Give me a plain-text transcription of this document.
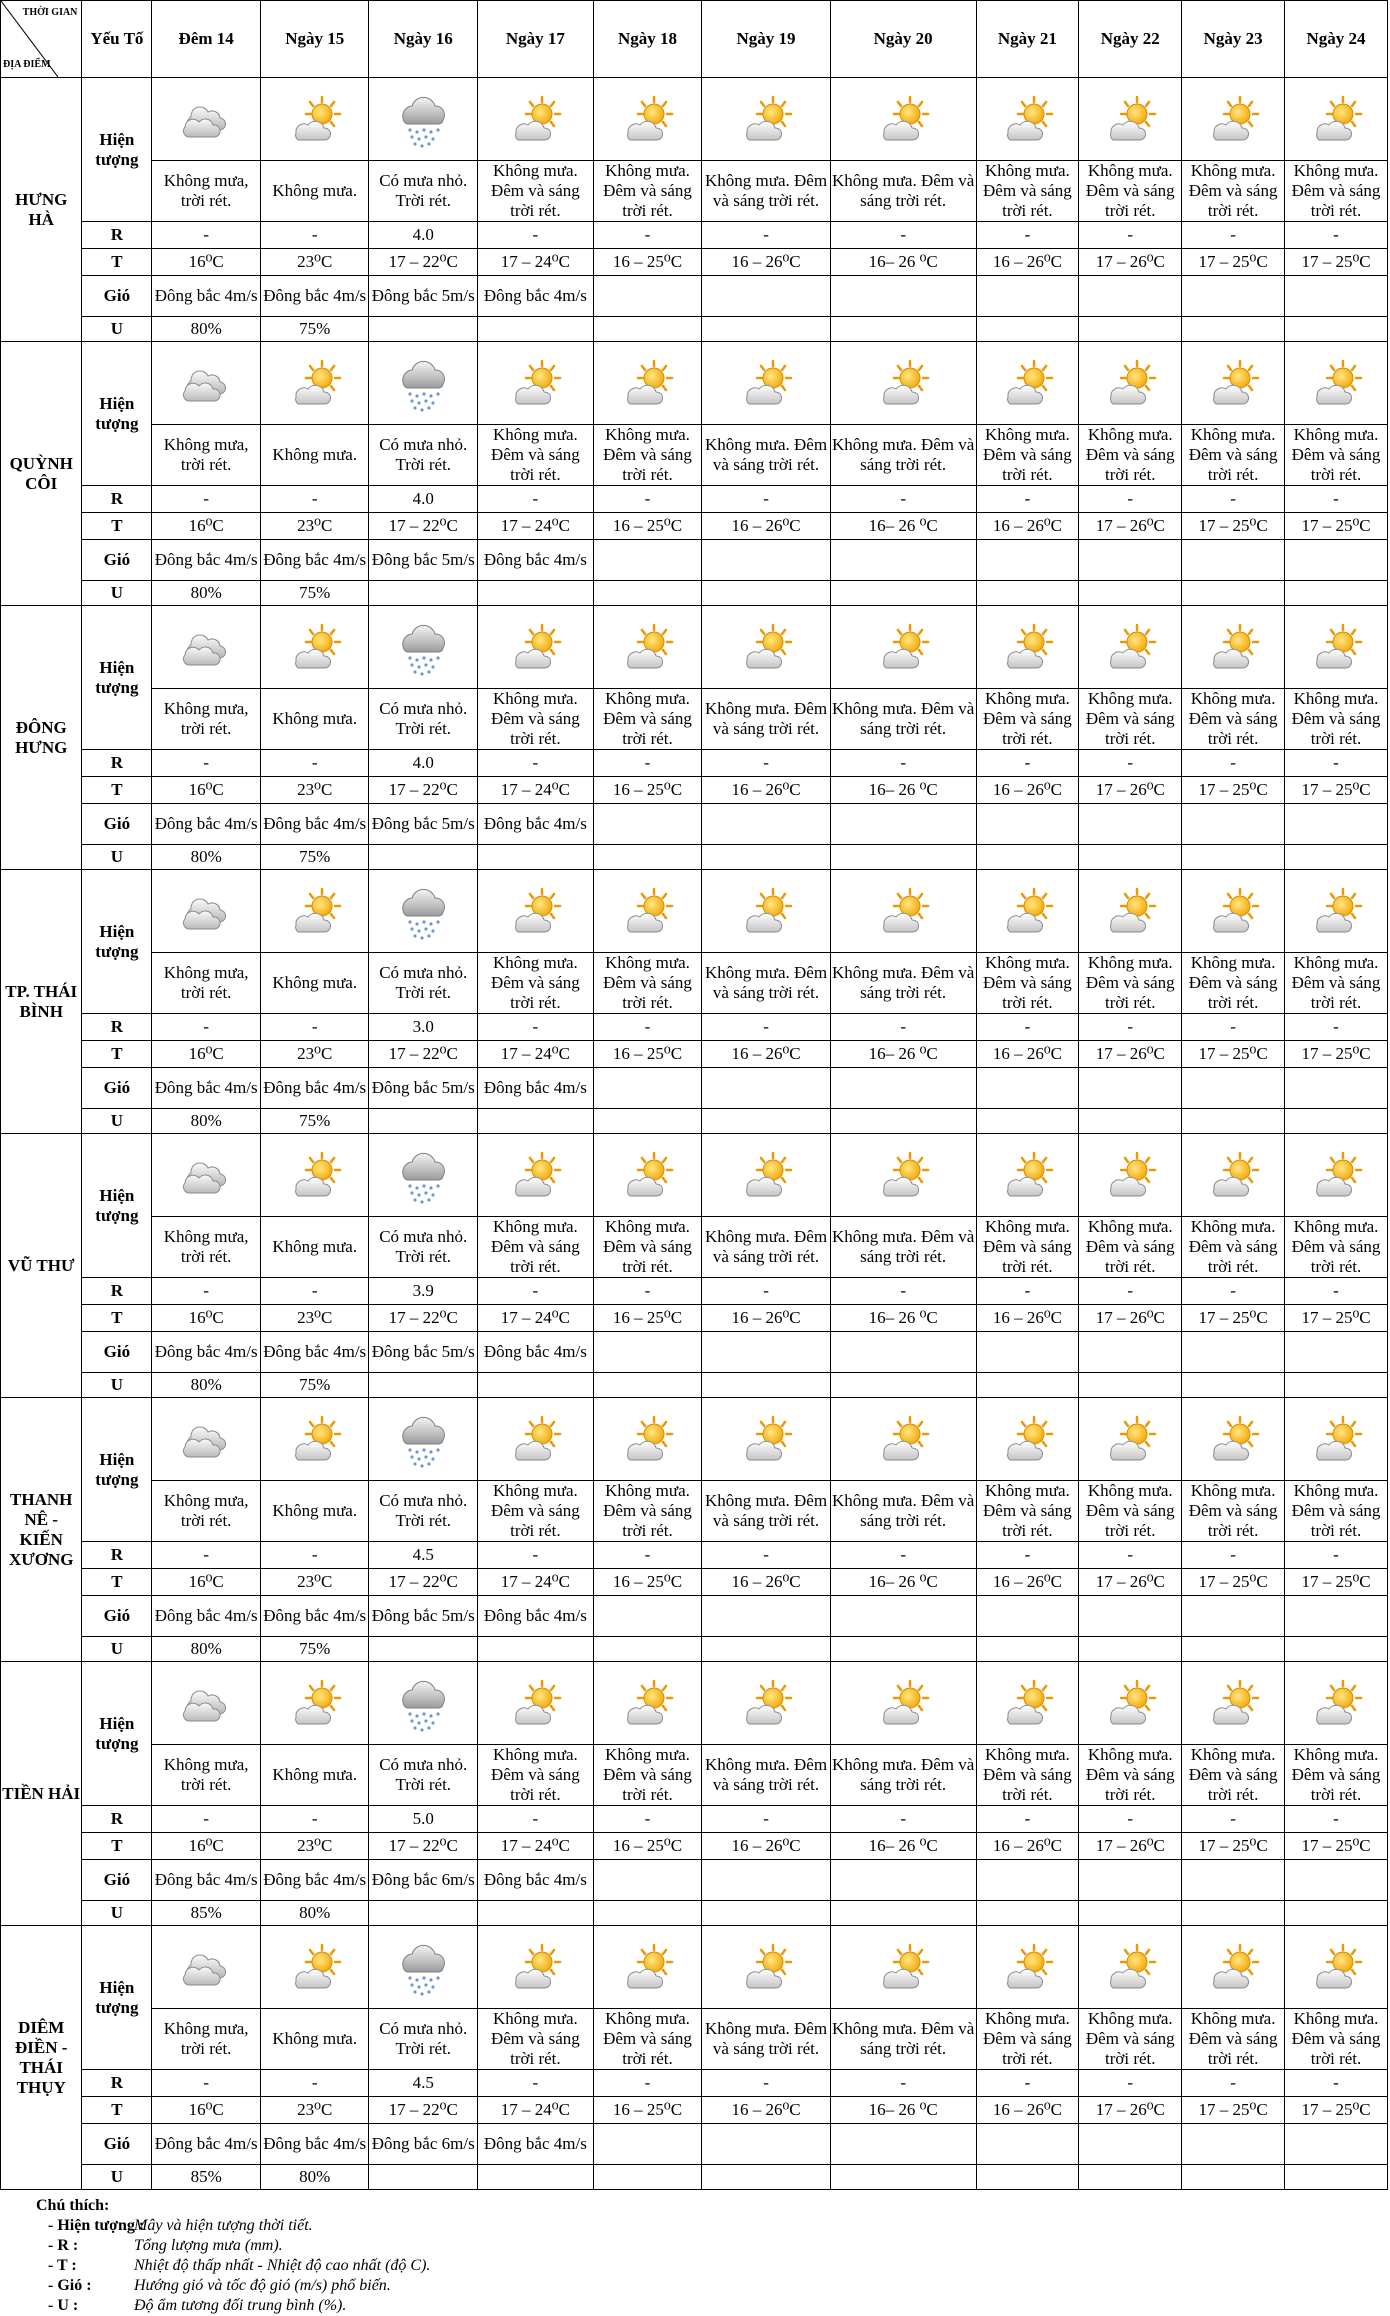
THỜI GIAN
ĐỊA ĐIỂM	Yếu Tố	Đêm 14	Ngày 15	Ngày 16	Ngày 17	Ngày 18	Ngày 19	Ngày 20	Ngày 21	Ngày 22	Ngày 23	Ngày 24
HƯNG HÀ	Hiện tượng	

		Không mưa, trời rét.	Không mưa.	Có mưa nhỏ. Trời rét.	Không mưa. Đêm và sáng trời rét.	Không mưa. Đêm và sáng trời rét.	Không mưa. Đêm và sáng trời rét.	Không mưa. Đêm và sáng trời rét.	Không mưa. Đêm và sáng trời rét.	Không mưa. Đêm và sáng trời rét.	Không mưa. Đêm và sáng trời rét.	Không mưa. Đêm và sáng trời rét.
	R	-	-	4.0	-	-	-	-	-	-	-	-
	T	16⁰C	23⁰C	17 – 22⁰C	17 – 24⁰C	16 – 25⁰C	16 – 26⁰C	16– 26 ⁰C	16 – 26⁰C	17 – 26⁰C	17 – 25⁰C	17 – 25⁰C
	Gió	Đông bắc 4m/s	Đông bắc 4m/s	Đông bắc 5m/s	Đông bắc 4m/s							
	U	80%	75%									
QUỲNH CÔI	Hiện tượng	

		Không mưa, trời rét.	Không mưa.	Có mưa nhỏ. Trời rét.	Không mưa. Đêm và sáng trời rét.	Không mưa. Đêm và sáng trời rét.	Không mưa. Đêm và sáng trời rét.	Không mưa. Đêm và sáng trời rét.	Không mưa. Đêm và sáng trời rét.	Không mưa. Đêm và sáng trời rét.	Không mưa. Đêm và sáng trời rét.	Không mưa. Đêm và sáng trời rét.
	R	-	-	4.0	-	-	-	-	-	-	-	-
	T	16⁰C	23⁰C	17 – 22⁰C	17 – 24⁰C	16 – 25⁰C	16 – 26⁰C	16– 26 ⁰C	16 – 26⁰C	17 – 26⁰C	17 – 25⁰C	17 – 25⁰C
	Gió	Đông bắc 4m/s	Đông bắc 4m/s	Đông bắc 5m/s	Đông bắc 4m/s							
	U	80%	75%									
ĐÔNG HƯNG	Hiện tượng	

		Không mưa, trời rét.	Không mưa.	Có mưa nhỏ. Trời rét.	Không mưa. Đêm và sáng trời rét.	Không mưa. Đêm và sáng trời rét.	Không mưa. Đêm và sáng trời rét.	Không mưa. Đêm và sáng trời rét.	Không mưa. Đêm và sáng trời rét.	Không mưa. Đêm và sáng trời rét.	Không mưa. Đêm và sáng trời rét.	Không mưa. Đêm và sáng trời rét.
	R	-	-	4.0	-	-	-	-	-	-	-	-
	T	16⁰C	23⁰C	17 – 22⁰C	17 – 24⁰C	16 – 25⁰C	16 – 26⁰C	16– 26 ⁰C	16 – 26⁰C	17 – 26⁰C	17 – 25⁰C	17 – 25⁰C
	Gió	Đông bắc 4m/s	Đông bắc 4m/s	Đông bắc 5m/s	Đông bắc 4m/s							
	U	80%	75%									
TP. THÁI BÌNH	Hiện tượng	

		Không mưa, trời rét.	Không mưa.	Có mưa nhỏ. Trời rét.	Không mưa. Đêm và sáng trời rét.	Không mưa. Đêm và sáng trời rét.	Không mưa. Đêm và sáng trời rét.	Không mưa. Đêm và sáng trời rét.	Không mưa. Đêm và sáng trời rét.	Không mưa. Đêm và sáng trời rét.	Không mưa. Đêm và sáng trời rét.	Không mưa. Đêm và sáng trời rét.
	R	-	-	3.0	-	-	-	-	-	-	-	-
	T	16⁰C	23⁰C	17 – 22⁰C	17 – 24⁰C	16 – 25⁰C	16 – 26⁰C	16– 26 ⁰C	16 – 26⁰C	17 – 26⁰C	17 – 25⁰C	17 – 25⁰C
	Gió	Đông bắc 4m/s	Đông bắc 4m/s	Đông bắc 5m/s	Đông bắc 4m/s							
	U	80%	75%									
VŨ THƯ	Hiện tượng	

		Không mưa, trời rét.	Không mưa.	Có mưa nhỏ. Trời rét.	Không mưa. Đêm và sáng trời rét.	Không mưa. Đêm và sáng trời rét.	Không mưa. Đêm và sáng trời rét.	Không mưa. Đêm và sáng trời rét.	Không mưa. Đêm và sáng trời rét.	Không mưa. Đêm và sáng trời rét.	Không mưa. Đêm và sáng trời rét.	Không mưa. Đêm và sáng trời rét.
	R	-	-	3.9	-	-	-	-	-	-	-	-
	T	16⁰C	23⁰C	17 – 22⁰C	17 – 24⁰C	16 – 25⁰C	16 – 26⁰C	16– 26 ⁰C	16 – 26⁰C	17 – 26⁰C	17 – 25⁰C	17 – 25⁰C
	Gió	Đông bắc 4m/s	Đông bắc 4m/s	Đông bắc 5m/s	Đông bắc 4m/s							
	U	80%	75%									
THANH NÊ - KIẾN XƯƠNG	Hiện tượng	

		Không mưa, trời rét.	Không mưa.	Có mưa nhỏ. Trời rét.	Không mưa. Đêm và sáng trời rét.	Không mưa. Đêm và sáng trời rét.	Không mưa. Đêm và sáng trời rét.	Không mưa. Đêm và sáng trời rét.	Không mưa. Đêm và sáng trời rét.	Không mưa. Đêm và sáng trời rét.	Không mưa. Đêm và sáng trời rét.	Không mưa. Đêm và sáng trời rét.
	R	-	-	4.5	-	-	-	-	-	-	-	-
	T	16⁰C	23⁰C	17 – 22⁰C	17 – 24⁰C	16 – 25⁰C	16 – 26⁰C	16– 26 ⁰C	16 – 26⁰C	17 – 26⁰C	17 – 25⁰C	17 – 25⁰C
	Gió	Đông bắc 4m/s	Đông bắc 4m/s	Đông bắc 5m/s	Đông bắc 4m/s							
	U	80%	75%									
TIỀN HẢI	Hiện tượng	

		Không mưa, trời rét.	Không mưa.	Có mưa nhỏ. Trời rét.	Không mưa. Đêm và sáng trời rét.	Không mưa. Đêm và sáng trời rét.	Không mưa. Đêm và sáng trời rét.	Không mưa. Đêm và sáng trời rét.	Không mưa. Đêm và sáng trời rét.	Không mưa. Đêm và sáng trời rét.	Không mưa. Đêm và sáng trời rét.	Không mưa. Đêm và sáng trời rét.
	R	-	-	5.0	-	-	-	-	-	-	-	-
	T	16⁰C	23⁰C	17 – 22⁰C	17 – 24⁰C	16 – 25⁰C	16 – 26⁰C	16– 26 ⁰C	16 – 26⁰C	17 – 26⁰C	17 – 25⁰C	17 – 25⁰C
	Gió	Đông bắc 4m/s	Đông bắc 4m/s	Đông bắc 6m/s	Đông bắc 4m/s							
	U	85%	80%									
DIÊM ĐIỀN - THÁI THỤY	Hiện tượng	

		Không mưa, trời rét.	Không mưa.	Có mưa nhỏ. Trời rét.	Không mưa. Đêm và sáng trời rét.	Không mưa. Đêm và sáng trời rét.	Không mưa. Đêm và sáng trời rét.	Không mưa. Đêm và sáng trời rét.	Không mưa. Đêm và sáng trời rét.	Không mưa. Đêm và sáng trời rét.	Không mưa. Đêm và sáng trời rét.	Không mưa. Đêm và sáng trời rét.
	R	-	-	4.5	-	-	-	-	-	-	-	-
	T	16⁰C	23⁰C	17 – 22⁰C	17 – 24⁰C	16 – 25⁰C	16 – 26⁰C	16– 26 ⁰C	16 – 26⁰C	17 – 26⁰C	17 – 25⁰C	17 – 25⁰C
	Gió	Đông bắc 4m/s	Đông bắc 4m/s	Đông bắc 6m/s	Đông bắc 4m/s							
	U	85%	80%									
Chú thích:
- Hiện tượng :Mây và hiện tượng thời tiết.
- R :	Tổng lượng mưa (mm).
- T :	Nhiệt độ thấp nhất - Nhiệt độ cao nhất (độ C).
- Gió :	Hướng gió và tốc độ gió (m/s) phổ biến.
- U :	Độ ẩm tương đối trung bình (%).
